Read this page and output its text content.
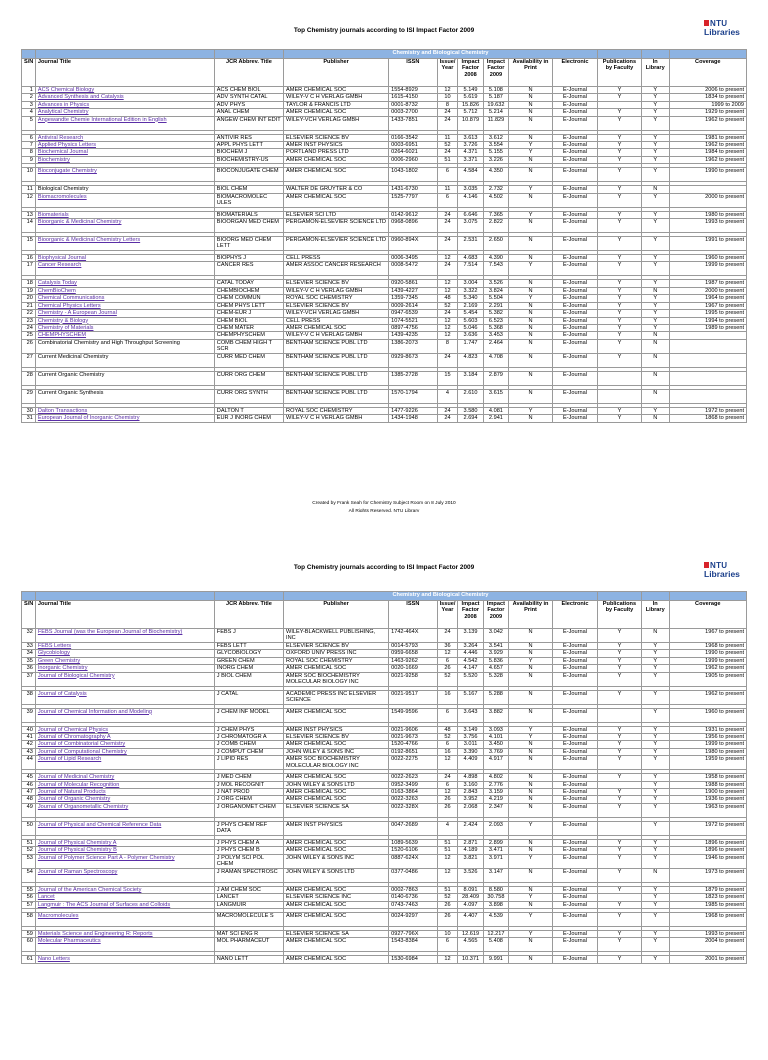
Top Chemistry journals according to ISI Impact Factor 2009
NTU
Libraries
			Chemistry and Biological Chemistry									
S/N	Journal Title	JCR Abbrev. Title	Publisher	ISSN	Issue/ Year	Impact Factor 2008	Impact Factor 2009	Availability in Print	Electronic	Publications by Faculty	In Library	Coverage
1	ACS Chemical Biology	ACS CHEM BIOL	AMER CHEMICAL SOC	1554-8929	12	5.149	5.108	N	E-Journal	Y	Y	2006 to present
2	Advanced Synthesis and Catalysis	ADV SYNTH CATAL	WILEY-V C H VERLAG GMBH	1615-4150	10	5.619	5.187	N	E-Journal	Y	Y	1834 to present
3	Advances in Physics	ADV PHYS	TAYLOR & FRANCIS LTD	0001-8732	8	15.826	19.632	N	E-Journal		Y	1999 to 2009
4	Analytical Chemistry	ANAL CHEM	AMER CHEMICAL SOC	0003-2700	24	5.712	5.214	N	E-Journal	Y	Y	1929 to present
5	Angewandte Chemie International Edition in English	ANGEW CHEM INT EDIT	WILEY-VCH VERLAG GMBH	1433-7851	24	10.879	11.829	N	E-Journal	Y	Y	1962 to present

6	Antiviral Research	ANTIVIR RES	ELSEVIER SCIENCE BV	0166-3542	11	3.613	3.612	N	E-Journal	Y	Y	1981 to present
7	Applied Physics Letters	APPL PHYS LETT	AMER INST PHYSICS	0003-6951	52	3.726	3.554	Y	E-Journal	Y	Y	1962 to present
8	Biochemical Journal	BIOCHEM J	PORTLAND PRESS LTD	0264-6021	24	4.371	5.155	Y	E-Journal	Y	Y	1984 to present
9	Biochemistry	BIOCHEMISTRY-US	AMER CHEMICAL SOC	0006-2960	51	3.371	3.226	N	E-Journal	Y	Y	1962 to present

10	Bioconjugate Chemistry	BIOCONJUGATE CHEM	AMER CHEMICAL SOC	1043-1802	6	4.584	4.350	N	E-Journal	Y	Y	1990 to present

11	Biological Chemistry	BIOL CHEM	WALTER DE GRUYTER & CO	1431-6730	11	3.035	2.732	Y	E-Journal	Y	N	
12	Biomacromolecules	BIOMACROMOLEC ULES	AMER CHEMICAL SOC	1525-7797	6	4.146	4.502	N	E-Journal	Y	Y	2000 to present

13	Biomaterials	BIOMATERIALS	ELSEVIER SCI LTD	0142-9612	24	6.646	7.365	Y	E-Journal	Y	Y	1980 to present
14	Bioorganic & Medicinal Chemistry	BIOORGAN MED CHEM	PERGAMON-ELSEVIER SCIENCE LTD	0968-0896	24	3.075	2.822	N	E-Journal	Y	Y	1993 to present

15	Bioorganic & Medicinal Chemistry Letters	BIOORG MED CHEM LETT	PERGAMON-ELSEVIER SCIENCE LTD	0960-894X	24	2.531	2.650	N	E-Journal	Y	Y	1991 to present

16	Biophysical Journal	BIOPHYS J	CELL PRESS	0006-3495	12	4.683	4.390	N	E-Journal	Y	Y	1960 to present
17	Cancer Research	CANCER RES	AMER ASSOC CANCER RESEARCH	0008-5472	24	7.514	7.543	Y	E-Journal	Y	Y	1999 to present

18	Catalysis Today	CATAL TODAY	ELSEVIER SCIENCE BV	0920-5861	12	3.004	3.526	N	E-Journal	Y	Y	1987 to present
19	ChemBioChem	CHEMBIOCHEM	WILEY-V C H VERLAG GMBH	1439-4227	12	3.322	3.824	N	E-Journal	Y	N	2000 to present
20	Chemical Communications	CHEM COMMUN	ROYAL SOC CHEMISTRY	1359-7345	48	5.340	5.504	Y	E-Journal	Y	Y	1964 to present
21	Chemical Physics Letters	CHEM PHYS LETT	ELSEVIER SCIENCE BV	0009-2614	52	2.169	2.291	N	E-Journal	Y	Y	1967 to present
22	Chemistry - A European Journal	CHEM-EUR J	WILEY-VCH VERLAG GMBH	0947-6539	24	5.454	5.382	N	E-Journal	Y	Y	1995 to present
23	Chemistry & Biology	CHEM BIOL	CELL PRESS	1074-5521	12	5.603	6.523	N	E-Journal	Y	Y	1994 to present
24	Chemistry of Materials	CHEM MATER	AMER CHEMICAL SOC	0897-4756	12	5.046	5.368	N	E-Journal	Y	Y	1989 to present
25	CHEMPHYSCHEM	CHEMPHYSCHEM	WILEY-V C H VERLAG GMBH	1439-4235	12	3.636	3.453	N	E-Journal	Y	N	
26	Combinatorial Chemistry and High Throughput Screening	COMB CHEM HIGH T SCR	BENTHAM SCIENCE PUBL LTD	1386-2073	8	1.747	2.464	N	E-Journal	Y	N	
27	Current Medicinal Chemistry	CURR MED CHEM	BENTHAM SCIENCE PUBL LTD	0929-8673	24	4.823	4.708	N	E-Journal	Y	N	

28	Current Organic Chemistry	CURR ORG CHEM	BENTHAM SCIENCE PUBL LTD	1385-2728	15	3.184	2.879	N	E-Journal		N	

29	Current Organic Synthesis	CURR ORG SYNTH	BENTHAM SCIENCE PUBL LTD	1570-1794	4	2.610	3.615	N	E-Journal		N	

30	Dalton Transactions	DALTON T	ROYAL SOC CHEMISTRY	1477-9226	24	3.580	4.081	Y	E-Journal	Y	Y	1972 to present
31	European Journal of Inorganic Chemistry	EUR J INORG CHEM	WILEY-V C H VERLAG GMBH	1434-1948	24	2.694	2.941	N	E-Journal	Y	N	1868 to present
Created by Frank Seah for Chemistry Subject Room on 8 July 2010
Top Chemistry journals according to ISI Impact Factor 2009	NTU
Libraries
			Chemistry and Biological Chemistry									
S/N	Journal Title	JCR Abbrev. Title	Publisher	ISSN	Issue/ Year	Impact Factor 2008	Impact Factor 2009	Availability in Print	Electronic	Publications by Faculty	In Library	Coverage
32	FEBS Journal (was the European Journal of Biochemistry)	FEBS J	WILEY-BLACKWELL PUBLISHING, INC	1742-464X	24	3.139	3.042	N	E-Journal	Y	N	1967 to present
33	FEBS Letters	FEBS LETT	ELSEVIER SCIENCE BV	0014-5793	36	3.264	3.541	N	E-Journal	Y	Y	1968 to present
34	Glycobiology	GLYCOBIOLOGY	OXFORD UNIV PRESS INC	0959-6658	12	4.446	3.929	N	E-Journal	Y	Y	1990 to present
35	Green Chemistry	GREEN CHEM	ROYAL SOC CHEMISTRY	1463-9262	6	4.542	5.836	Y	E-Journal	Y	Y	1999 to present
36	Inorganic Chemistry	INORG CHEM	AMER CHEMICAL SOC	0020-1669	26	4.147	4.657	N	E-Journal	Y	Y	1962 to present
37	Journal of Biological Chemistry	J BIOL CHEM	AMER SOC BIOCHEMISTRY MOLECULAR BIOLOGY INC	0021-9258	52	5.520	5.328	N	E-Journal	Y	Y	1905 to present

38	Journal of Catalysis	J CATAL	ACADEMIC PRESS INC ELSEVIER SCIENCE	0021-9517	16	5.167	5.288	N	E-Journal	Y	Y	1962 to present

39	Journal of Chemical Information and Modeling	J CHEM INF MODEL	AMER CHEMICAL SOC	1549-9596	6	3.643	3.882	N	E-Journal		Y	1960 to present

40	Journal of Chemical Physics	J CHEM PHYS	AMER INST PHYSICS	0021-9606	48	3.149	3.093	Y	E-Journal	Y	Y	1931 to present
41	Journal of Chromatography A	J CHROMATOGR A	ELSEVIER SCIENCE BV	0021-9673	52	3.756	4.101	Y	E-Journal	Y	Y	1956 to present
42	Journal of Combinatorial Chemistry	J COMB CHEM	AMER CHEMICAL SOC	1520-4766	6	3.011	3.450	N	E-Journal	Y	Y	1999 to present
43	Journal of Computational Chemistry	J COMPUT CHEM	JOHN WILEY & SONS INC	0192-8651	16	3.390	3.769	N	E-Journal	Y	Y	1980 to present
44	Journal of Lipid Research	J LIPID RES	AMER SOC BIOCHEMISTRY MOLECULAR BIOLOGY INC	0022-2275	12	4.409	4.917	N	E-Journal	Y	Y	1959 to present

45	Journal of Medicinal Chemistry	J MED CHEM	AMER CHEMICAL SOC	0022-2623	24	4.898	4.802	N	E-Journal	Y	Y	1958 to present
46	Journal of Molecular Recognition	J MOL RECOGNIT	JOHN WILEY & SONS LTD	0952-3499	6	3.160	2.776	N	E-Journal		Y	1988 to present
47	Journal of Natural Products	J NAT PROD	AMER CHEMICAL SOC	0163-3864	12	2.843	3.159	N	E-Journal	Y	Y	1900 to present
48	Journal of Organic Chemistry	J ORG CHEM	AMER CHEMICAL SOC	0022-3263	26	3.952	4.219	N	E-Journal	Y	Y	1936 to present
49	Journal of Organometallic Chemistry	J ORGANOMET CHEM	ELSEVIER SCIENCE SA	0022-328X	26	2.068	2.347	N	E-Journal	Y	Y	1963 to present

50	Journal of Physical and Chemical Reference Data	J PHYS CHEM REF DATA	AMER INST PHYSICS	0047-2689	4	2.424	2.093	Y	E-Journal		Y	1972 to present

51	Journal of Physical Chemistry A	J PHYS CHEM A	AMER CHEMICAL SOC	1089-5639	51	2.871	2.899	N	E-Journal	Y	Y	1896 to present
52	Journal of Physical Chemistry B	J PHYS CHEM B	AMER CHEMICAL SOC	1520-6106	51	4.189	3.471	N	E-Journal	Y	Y	1896 to present
53	Journal of Polymer Science Part A - Polymer Chemistry	J POLYM SCI POL CHEM	JOHN WILEY & SONS INC	0887-624X	12	3.821	3.971	Y	E-Journal	Y	Y	1946 to present
54	Journal of Raman Spectroscopy	J RAMAN SPECTROSC	JOHN WILEY & SONS LTD	0377-0486	12	3.526	3.147	N	E-Journal	Y	N	1973 to present

55	Journal of the American Chemical Society	J AM CHEM SOC	AMER CHEMICAL SOC	0002-7863	51	8.091	8.580	N	E-Journal	Y	Y	1879 to present
56	Lancet	LANCET	ELSEVIER SCIENCE INC	0140-6736	52	28.409	30.758	Y	E-Journal		Y	1823 to present
57	Langmuir : The ACS Journal of Surfaces and Colloids	LANGMUIR	AMER CHEMICAL SOC	0743-7463	26	4.097	3.898	N	E-Journal	Y	Y	1985 to present

58	Macromolecules	MACROMOLECULE S	AMER CHEMICAL SOC	0024-9297	26	4.407	4.539	Y	E-Journal	Y	Y	1968 to present

59	Materials Science and Engineering R: Reports	MAT SCI ENG R	ELSEVIER SCIENCE SA	0927-796X	10	12.619	12.217	Y	E-Journal	Y	Y	1993 to present
60	Molecular Pharmaceutics	MOL PHARMACEUT	AMER CHEMICAL SOC	1543-8384	6	4.565	5.408	N	E-Journal	Y	Y	2004 to present

61	Nano Letters	NANO LETT	AMER CHEMICAL SOC	1530-6984	12	10.371	9.991	N	E-Journal	Y	Y	2001 to present
